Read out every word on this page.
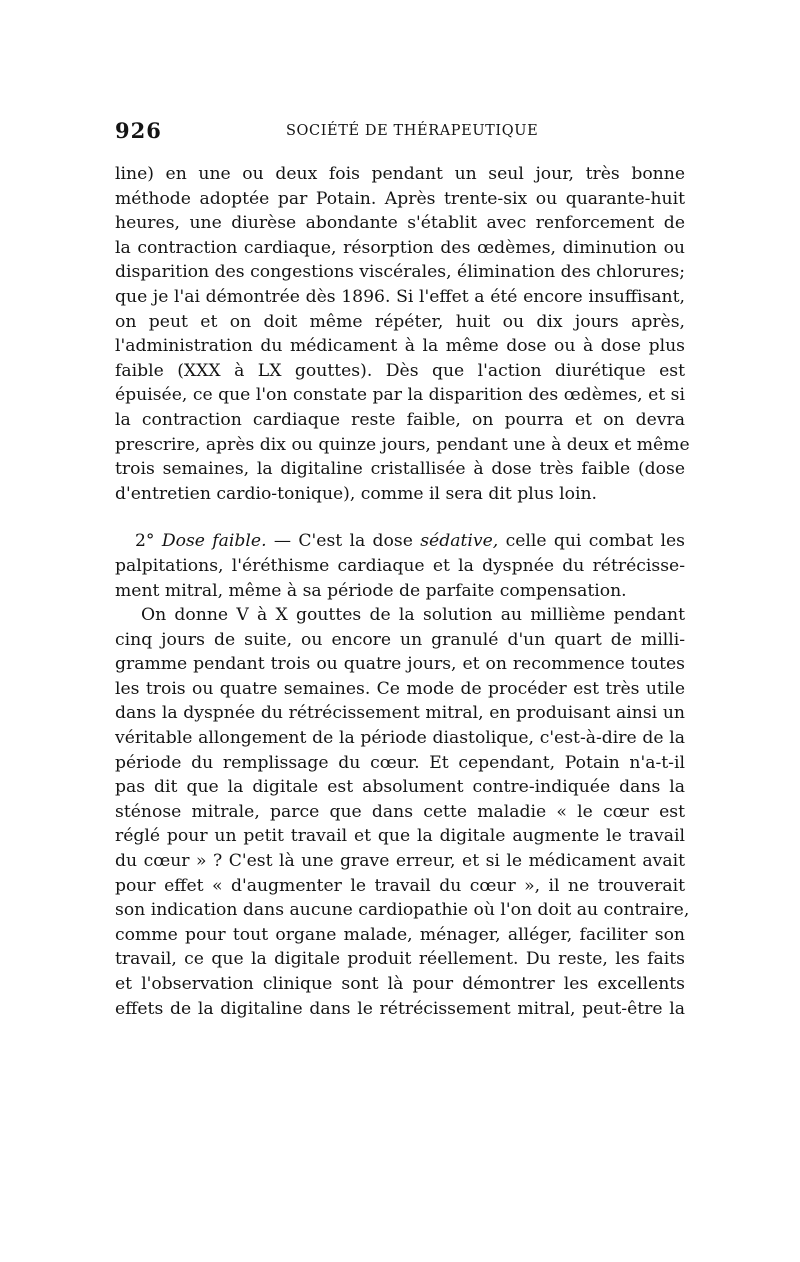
926	SOCIÉTÉ DE THÉRAPEUTIQUE
line) en une ou deux fois pendant un seul jour, très bonne
méthode adoptée par Potain. Après trente-six ou quarante-huit
heures, une diurèse abondante s'établit avec renforcement de
la contraction cardiaque, résorption des œdèmes, diminution ou
disparition des congestions viscérales, élimination des chlorures;
que je l'ai démontrée dès 1896. Si l'effet a été encore insuffisant,
on peut et on doit même répéter, huit ou dix jours après,
l'administration du médicament à la même dose ou à dose plus
faible (XXX à LX gouttes). Dès que l'action diurétique est
épuisée, ce que l'on constate par la disparition des œdèmes, et si
la contraction cardiaque reste faible, on pourra et on devra
prescrire, après dix ou quinze jours, pendant une à deux et même
trois semaines, la digitaline cristallisée à dose très faible (dose
d'entretien cardio-tonique), comme il sera dit plus loin.
2° Dose faible. — C'est la dose sédative, celle qui combat les
palpitations, l'éréthisme cardiaque et la dyspnée du rétrécisse-
ment mitral, même à sa période de parfaite compensation.
On donne V à X gouttes de la solution au millième pendant
cinq jours de suite, ou encore un granulé d'un quart de milli-
gramme pendant trois ou quatre jours, et on recommence toutes
les trois ou quatre semaines. Ce mode de procéder est très utile
dans la dyspnée du rétrécissement mitral, en produisant ainsi un
véritable allongement de la période diastolique, c'est-à-dire de la
période du remplissage du cœur. Et cependant, Potain n'a-t-il
pas dit que la digitale est absolument contre-indiquée dans la
sténose mitrale, parce que dans cette maladie « le cœur est
réglé pour un petit travail et que la digitale augmente le travail
du cœur » ? C'est là une grave erreur, et si le médicament avait
pour effet « d'augmenter le travail du cœur », il ne trouverait
son indication dans aucune cardiopathie où l'on doit au contraire,
comme pour tout organe malade, ménager, alléger, faciliter son
travail, ce que la digitale produit réellement. Du reste, les faits
et l'observation clinique sont là pour démontrer les excellents
effets de la digitaline dans le rétrécissement mitral, peut-être la
